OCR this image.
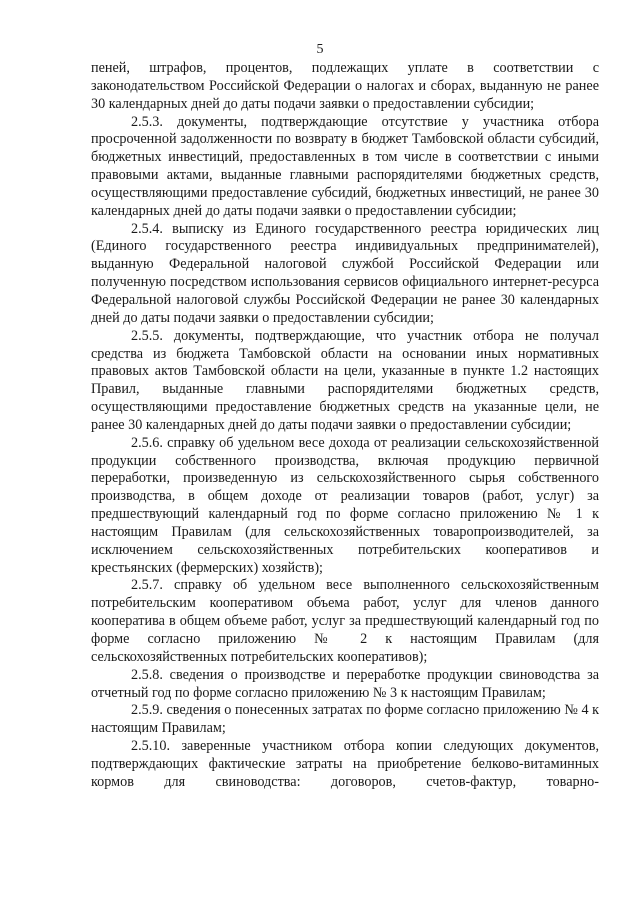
5

пеней, штрафов, процентов, подлежащих уплате в соответствии с законодательством Российской Федерации о налогах и сборах, выданную не ранее 30 календарных дней до даты подачи заявки о предоставлении субсидии;

2.5.3. документы, подтверждающие отсутствие у участника отбора просроченной задолженности по возврату в бюджет Тамбовской области субсидий, бюджетных инвестиций, предоставленных в том числе в соответствии с иными правовыми актами, выданные главными распорядителями бюджетных средств, осуществляющими предоставление субсидий, бюджетных инвестиций, не ранее 30 календарных дней до даты подачи заявки о предоставлении субсидии;

2.5.4. выписку из Единого государственного реестра юридических лиц (Единого государственного реестра индивидуальных предпринимателей), выданную Федеральной налоговой службой Российской Федерации или полученную посредством использования сервисов официального интернет-ресурса Федеральной налоговой службы Российской Федерации не ранее 30 календарных дней до даты подачи заявки о предоставлении субсидии;

2.5.5. документы, подтверждающие, что участник отбора не получал средства из бюджета Тамбовской области на основании иных нормативных правовых актов Тамбовской области на цели, указанные в пункте 1.2 настоящих Правил, выданные главными распорядителями бюджетных средств, осуществляющими предоставление бюджетных средств на указанные цели, не ранее 30 календарных дней до даты подачи заявки о предоставлении субсидии;

2.5.6. справку об удельном весе дохода от реализации сельскохозяйственной продукции собственного производства, включая продукцию первичной переработки, произведенную из сельскохозяйственного сырья собственного производства, в общем доходе от реализации товаров (работ, услуг) за предшествующий календарный год по форме согласно приложению № 1 к настоящим Правилам (для сельскохозяйственных товаропроизводителей, за исключением сельскохозяйственных потребительских кооперативов и крестьянских (фермерских) хозяйств);

2.5.7. справку об удельном весе выполненного сельскохозяйственным потребительским кооперативом объема работ, услуг для членов данного кооператива в общем объеме работ, услуг за предшествующий календарный год по форме согласно приложению № 2 к настоящим Правилам (для сельскохозяйственных потребительских кооперативов);

2.5.8. сведения о производстве и переработке продукции свиноводства за отчетный год по форме согласно приложению № 3 к настоящим Правилам;

2.5.9. сведения о понесенных затратах по форме согласно приложению № 4 к настоящим Правилам;

2.5.10. заверенные участником отбора копии следующих документов, подтверждающих фактические затраты на приобретение белково-витаминных кормов для свиноводства: договоров, счетов-фактур, товарно-
